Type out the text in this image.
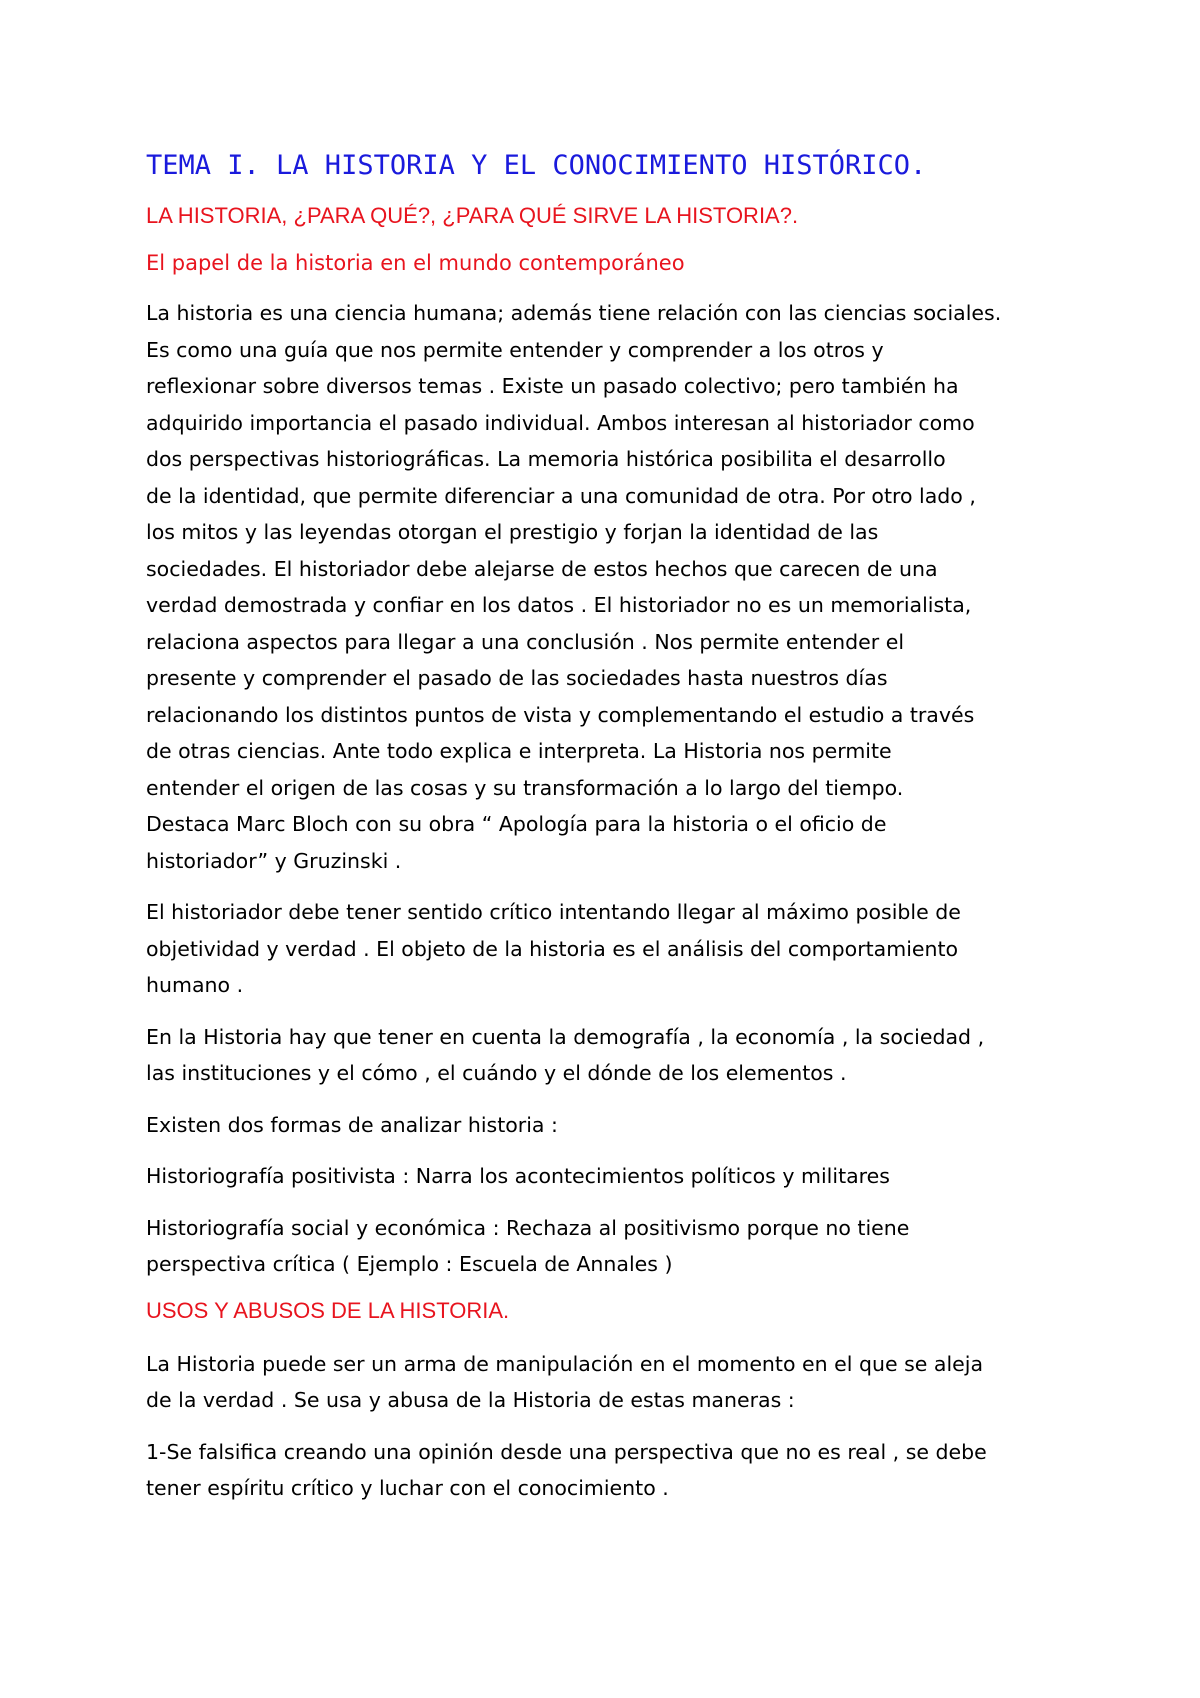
TEMA I. LA HISTORIA Y EL CONOCIMIENTO HISTÓRICO.
LA HISTORIA, ¿PARA QUÉ?, ¿PARA QUÉ SIRVE LA HISTORIA?.
El papel de la historia en el mundo contemporáneo
La historia es una ciencia humana; además tiene relación con las ciencias sociales.
Es como una guía que nos permite entender y comprender a los otros y
reflexionar sobre diversos temas . Existe un pasado colectivo; pero también ha
adquirido importancia el pasado individual. Ambos interesan al historiador como
dos perspectivas historiográficas. La memoria histórica posibilita el desarrollo
de la identidad, que permite diferenciar a una comunidad de otra. Por otro lado ,
los mitos y las leyendas otorgan el prestigio y forjan la identidad de las
sociedades. El historiador debe alejarse de estos hechos que carecen de una
verdad demostrada y confiar en los datos . El historiador no es un memorialista,
relaciona aspectos para llegar a una conclusión . Nos permite entender el
presente y comprender el pasado de las sociedades hasta nuestros días
relacionando los distintos puntos de vista y complementando el estudio a través
de otras ciencias. Ante todo explica e interpreta. La Historia nos permite
entender el origen de las cosas y su transformación a lo largo del tiempo.
Destaca Marc Bloch con su obra “ Apología para la historia o el oficio de
historiador” y Gruzinski .
El historiador debe tener sentido crítico intentando llegar al máximo posible de
objetividad y verdad . El objeto de la historia es el análisis del comportamiento
humano .
En la Historia hay que tener en cuenta la demografía , la economía , la sociedad ,
las instituciones y el cómo , el cuándo y el dónde de los elementos .
Existen dos formas de analizar historia :
Historiografía positivista : Narra los acontecimientos políticos y militares
Historiografía social y económica : Rechaza al positivismo porque no tiene
perspectiva crítica ( Ejemplo : Escuela de Annales )
USOS Y ABUSOS DE LA HISTORIA.
La Historia puede ser un arma de manipulación en el momento en el que se aleja
de la verdad . Se usa y abusa de la Historia de estas maneras :
1-Se falsifica creando una opinión desde una perspectiva que no es real , se debe
tener espíritu crítico y luchar con el conocimiento .
